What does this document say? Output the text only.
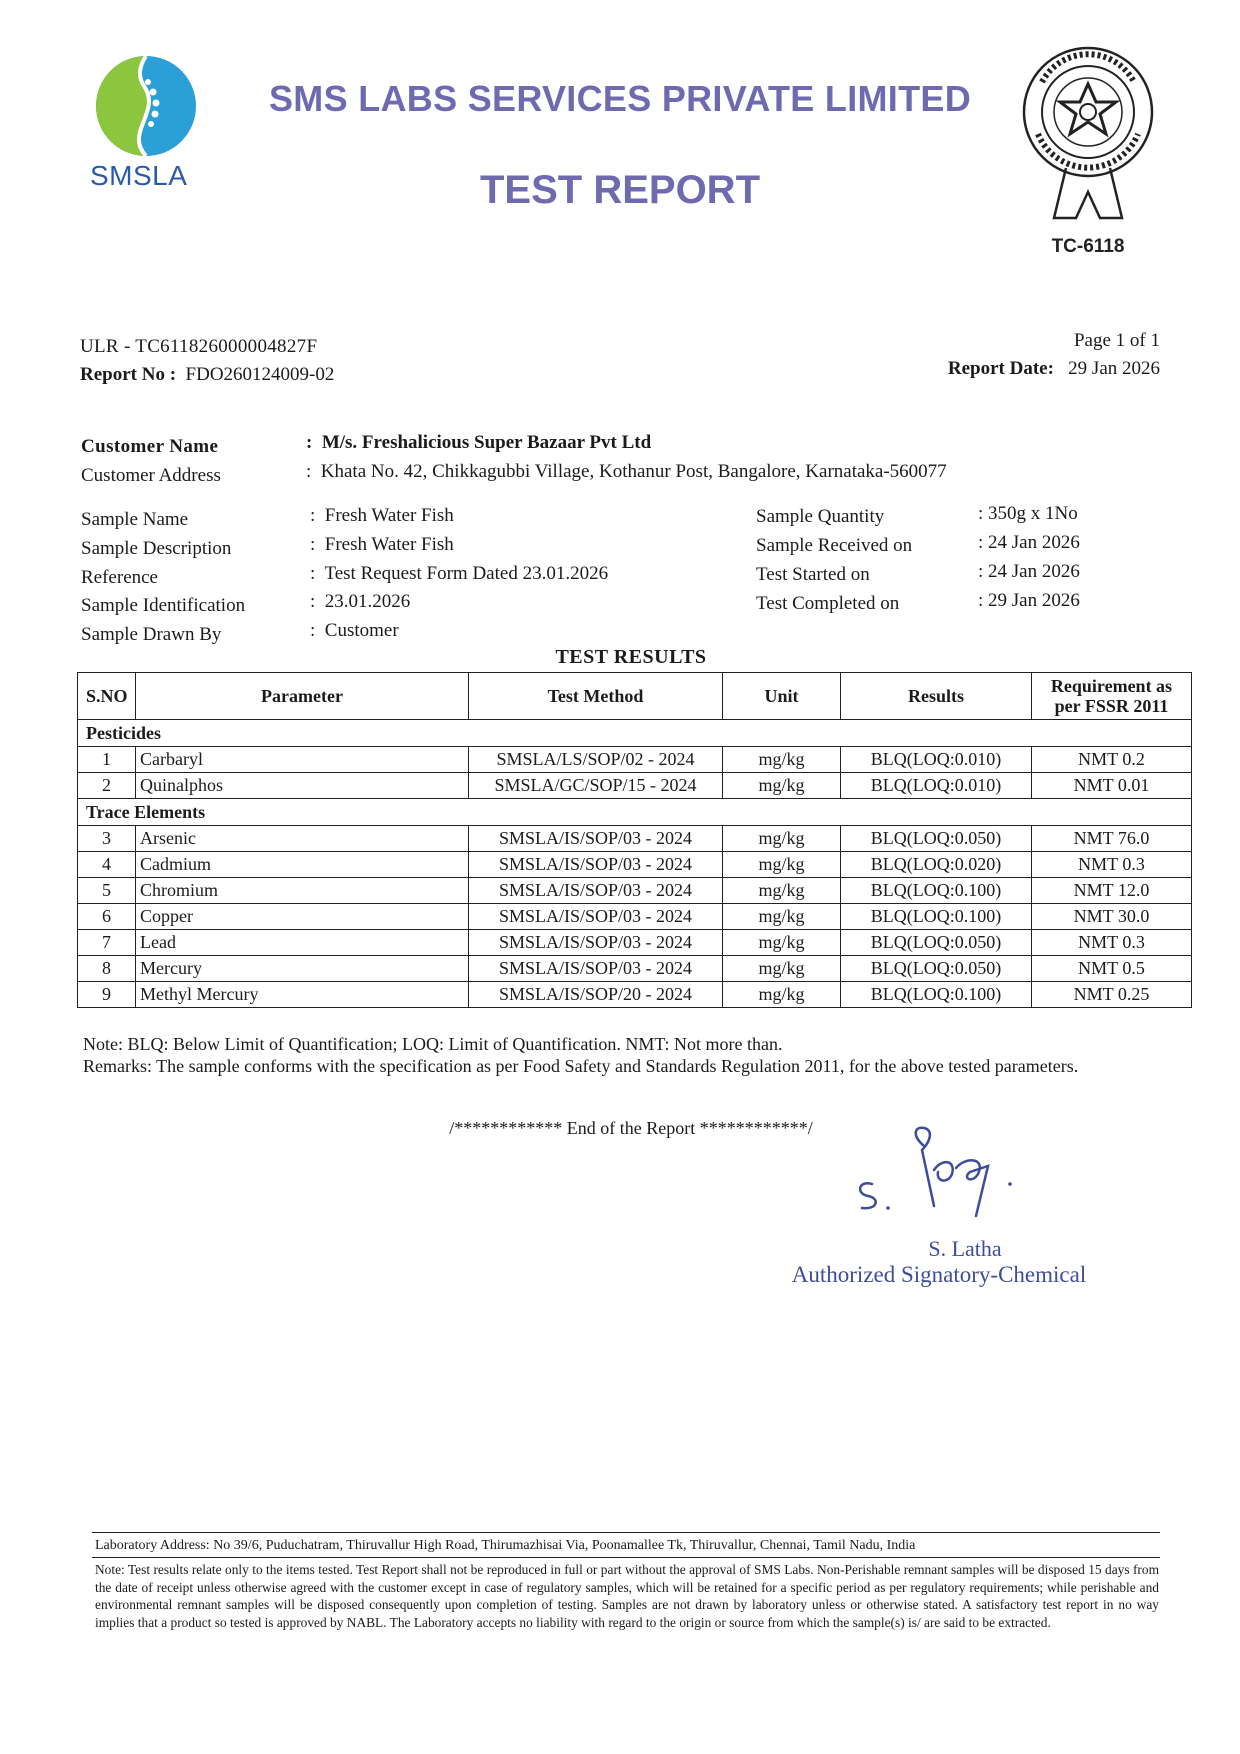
SMSLA
SMS LABS SERVICES PRIVATE LIMITED
TEST REPORT
TC-6118
ULR - TC611826000004827F
Report No : FDO260124009-02
Page 1 of 1
Report Date: 29 Jan 2026
Customer Name	:  M/s. Freshalicious Super Bazaar Pvt Ltd
Customer Address	:  Khata No. 42, Chikkagubbi Village, Kothanur Post, Bangalore, Karnataka-560077
Sample Name	:  Fresh Water Fish
Sample Description	:  Fresh Water Fish
Reference	:  Test Request Form Dated 23.01.2026
Sample Identification	:  23.01.2026
Sample Drawn By	:  Customer
Sample Quantity	: 350g x 1No
Sample Received on	: 24 Jan 2026
Test Started on	: 24 Jan 2026
Test Completed on	: 29 Jan 2026
TEST RESULTS
S.NO	Parameter	Test Method	Unit	Results	Requirement as
per FSSR 2011
Pesticides					
1	Carbaryl	SMSLA/LS/SOP/02 - 2024	mg/kg	BLQ(LOQ:0.010)	NMT 0.2
2	Quinalphos	SMSLA/GC/SOP/15 - 2024	mg/kg	BLQ(LOQ:0.010)	NMT 0.01
Trace Elements					
3	Arsenic	SMSLA/IS/SOP/03 - 2024	mg/kg	BLQ(LOQ:0.050)	NMT 76.0
4	Cadmium	SMSLA/IS/SOP/03 - 2024	mg/kg	BLQ(LOQ:0.020)	NMT 0.3
5	Chromium	SMSLA/IS/SOP/03 - 2024	mg/kg	BLQ(LOQ:0.100)	NMT 12.0
6	Copper	SMSLA/IS/SOP/03 - 2024	mg/kg	BLQ(LOQ:0.100)	NMT 30.0
7	Lead	SMSLA/IS/SOP/03 - 2024	mg/kg	BLQ(LOQ:0.050)	NMT 0.3
8	Mercury	SMSLA/IS/SOP/03 - 2024	mg/kg	BLQ(LOQ:0.050)	NMT 0.5
9	Methyl Mercury	SMSLA/IS/SOP/20 - 2024	mg/kg	BLQ(LOQ:0.100)	NMT 0.25
Note: BLQ: Below Limit of Quantification; LOQ: Limit of Quantification. NMT: Not more than.
Remarks: The sample conforms with the specification as per Food Safety and Standards Regulation 2011, for the above tested parameters.
/************ End of the Report ************/
S. Latha
Authorized Signatory-Chemical
Laboratory Address: No 39/6, Puduchatram, Thiruvallur High Road, Thirumazhisai Via, Poonamallee Tk, Thiruvallur, Chennai, Tamil Nadu, India
Note: Test results relate only to the items tested. Test Report shall not be reproduced in full or part without the approval of SMS Labs. Non-Perishable remnant samples will be disposed 15 days from the date of receipt unless otherwise agreed with the customer except in case of regulatory samples, which will be retained for a specific period as per regulatory requirements; while perishable and environmental remnant samples will be disposed consequently upon completion of testing. Samples are not drawn by laboratory unless or otherwise stated. A satisfactory test report in no way implies that a product so tested is approved by NABL. The Laboratory accepts no liability with regard to the origin or source from which the sample(s) is/ are said to be extracted.
